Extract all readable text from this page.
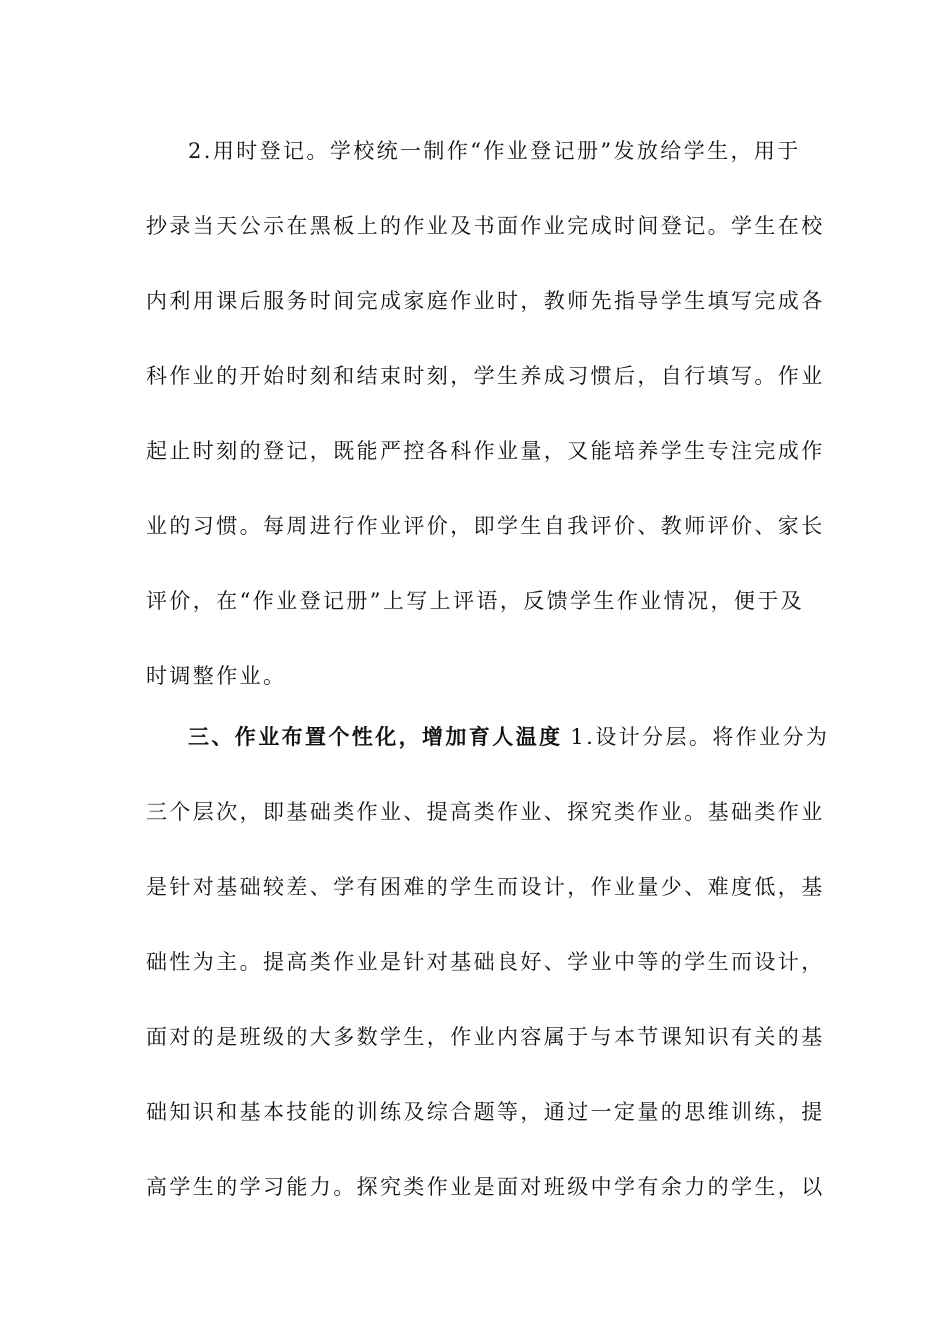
2.用时登记。学校统一制作“作业登记册”发放给学生，用于
抄录当天公示在黑板上的作业及书面作业完成时间登记。学生在校
内利用课后服务时间完成家庭作业时，教师先指导学生填写完成各
科作业的开始时刻和结束时刻，学生养成习惯后，自行填写。作业
起止时刻的登记，既能严控各科作业量，又能培养学生专注完成作
业的习惯。每周进行作业评价，即学生自我评价、教师评价、家长
评价，在“作业登记册”上写上评语，反馈学生作业情况，便于及
时调整作业。
三、作业布置个性化，增加育人温度 1.设计分层。将作业分为
三个层次，即基础类作业、提高类作业、探究类作业。基础类作业
是针对基础较差、学有困难的学生而设计，作业量少、难度低，基
础性为主。提高类作业是针对基础良好、学业中等的学生而设计，
面对的是班级的大多数学生，作业内容属于与本节课知识有关的基
础知识和基本技能的训练及综合题等，通过一定量的思维训练，提
高学生的学习能力。探究类作业是面对班级中学有余力的学生，以
